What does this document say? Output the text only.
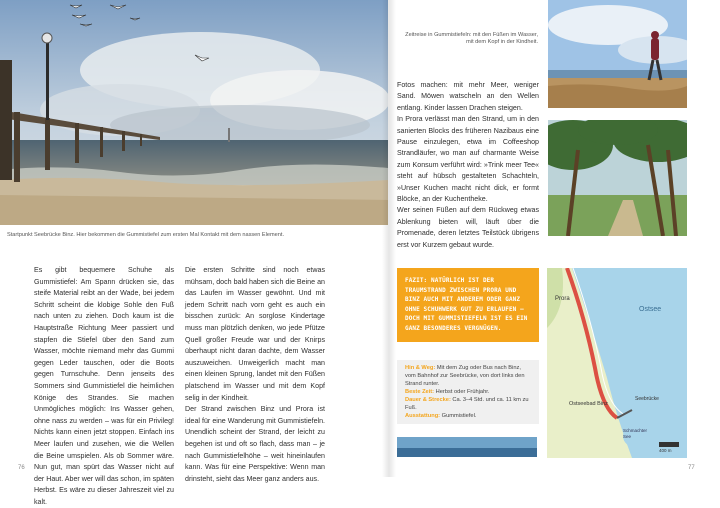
Startpunkt Seebrücke Binz. Hier bekommen die Gummistiefel zum ersten Mal Kontakt mit dem nassen Element.
Es gibt bequemere Schuhe als Gummistiefel: Am Spann drücken sie, das steife Material reibt an der Wade, bei jedem Schritt scheint die klobige Sohle den Fuß nach unten zu ziehen. Doch kaum ist die Hauptstraße Richtung Meer passiert und stapfen die Stiefel über den Sand zum Wasser, möchte niemand mehr das Gummi gegen Leder tauschen, oder die Boots gegen Turnschuhe. Denn jenseits des Sommers sind Gummistiefel die heimlichen Könige des Strandes. Sie machen Unmögliches möglich: Ins Wasser gehen, ohne nass zu werden – was für ein Privileg! Nichts kann einen jetzt stoppen. Einfach ins Meer laufen und zusehen, wie die Wellen die Beine umspielen. Als ob Sommer wäre. Nun gut, man spürt das Wasser nicht auf der Haut. Aber wer will das schon, im späten Herbst. Es wäre zu dieser Jahreszeit viel zu kalt.
Die ersten Schritte sind noch etwas mühsam, doch bald haben sich die Beine an das Laufen im Wasser gewöhnt. Und mit jedem Schritt nach vorn geht es auch ein bisschen zurück: An sorglose Kindertage muss man plötzlich denken, wo jede Pfütze Quell großer Freude war und der Knirps überhaupt nicht daran dachte, dem Wasser auszuweichen. Unweigerlich macht man einen kleinen Sprung, landet mit den Füßen platschend im Wasser und mit dem Kopf selig in der Kindheit.
Der Strand zwischen Binz und Prora ist ideal für eine Wanderung mit Gummistiefeln. Unendlich scheint der Strand, der leicht zu begehen ist und oft so flach, dass man – je nach Gummistiefelhöhe – weit hineinlaufen kann. Was für eine Perspektive: Wenn man drinsteht, sieht das Meer ganz anders aus.
76
Zeitreise in Gummistiefeln: mit den Füßen im Wasser, mit dem Kopf in der Kindheit.
Fotos machen: mit mehr Meer, weniger Sand. Möwen watscheln an den Wellen entlang. Kinder lassen Drachen steigen.
In Prora verlässt man den Strand, um in den sanierten Blocks des früheren Nazibaus eine Pause einzulegen, etwa im Coffeeshop Strandläufer, wo man auf charmante Weise zum Konsum verführt wird: »Trink meer Tee« steht auf hübsch gestalteten Schachteln, »Unser Kuchen macht nicht dick, er formt Blöcke, an der Kuchentheke.
Wer seinen Füßen auf dem Rückweg etwas Ablenkung bieten will, läuft über die Promenade, deren letztes Teilstück übrigens erst vor Kurzem gebaut wurde.
FAZIT: NATÜRLICH IST DER TRAUMSTRAND ZWISCHEN PRORA UND BINZ AUCH MIT ANDEREM ODER GANZ OHNE SCHUHWERK GUT ZU ERLAUFEN – DOCH MIT GUMMISTIEFELN IST ES EIN GANZ BESONDERES VERGNÜGEN.
Hin & Weg: Mit dem Zug oder Bus nach Binz, vom Bahnhof zur Seebrücke, von dort links den Strand runter.
Beste Zeit: Herbst oder Frühjahr.
Dauer & Strecke: Ca. 3–4 Std. und ca. 11 km zu Fuß.
Ausstattung: Gummistiefel.
Ostsee
Prora
Ostseebad Binz
Seebrücke
Schmachter See
400 m
77
